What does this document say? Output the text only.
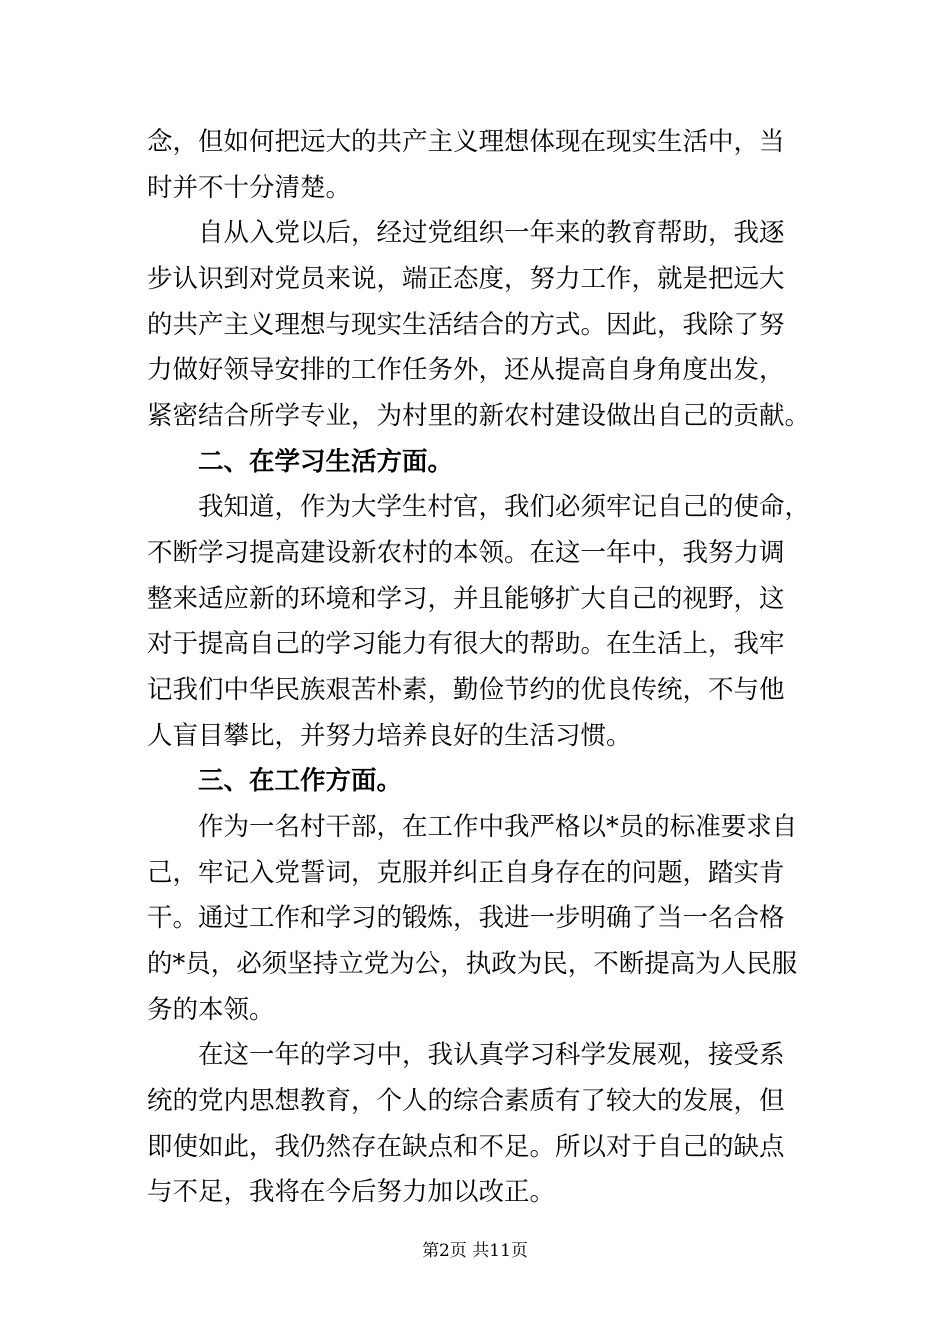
念，但如何把远大的共产主义理想体现在现实生活中，当
时并不十分清楚。
　　自从入党以后，经过党组织一年来的教育帮助，我逐
步认识到对党员来说，端正态度，努力工作，就是把远大
的共产主义理想与现实生活结合的方式。因此，我除了努
力做好领导安排的工作任务外，还从提高自身角度出发，
紧密结合所学专业，为村里的新农村建设做出自己的贡献。
　　二、在学习生活方面。
　　我知道，作为大学生村官，我们必须牢记自己的使命，
不断学习提高建设新农村的本领。在这一年中，我努力调
整来适应新的环境和学习，并且能够扩大自己的视野，这
对于提高自己的学习能力有很大的帮助。在生活上，我牢
记我们中华民族艰苦朴素，勤俭节约的优良传统，不与他
人盲目攀比，并努力培养良好的生活习惯。
　　三、在工作方面。
　　作为一名村干部，在工作中我严格以*员的标准要求自
己，牢记入党誓词，克服并纠正自身存在的问题，踏实肯
干。通过工作和学习的锻炼，我进一步明确了当一名合格
的*员，必须坚持立党为公，执政为民，不断提高为人民服
务的本领。
　　在这一年的学习中，我认真学习科学发展观，接受系
统的党内思想教育，个人的综合素质有了较大的发展，但
即使如此，我仍然存在缺点和不足。所以对于自己的缺点
与不足，我将在今后努力加以改正。
第2页 共11页
